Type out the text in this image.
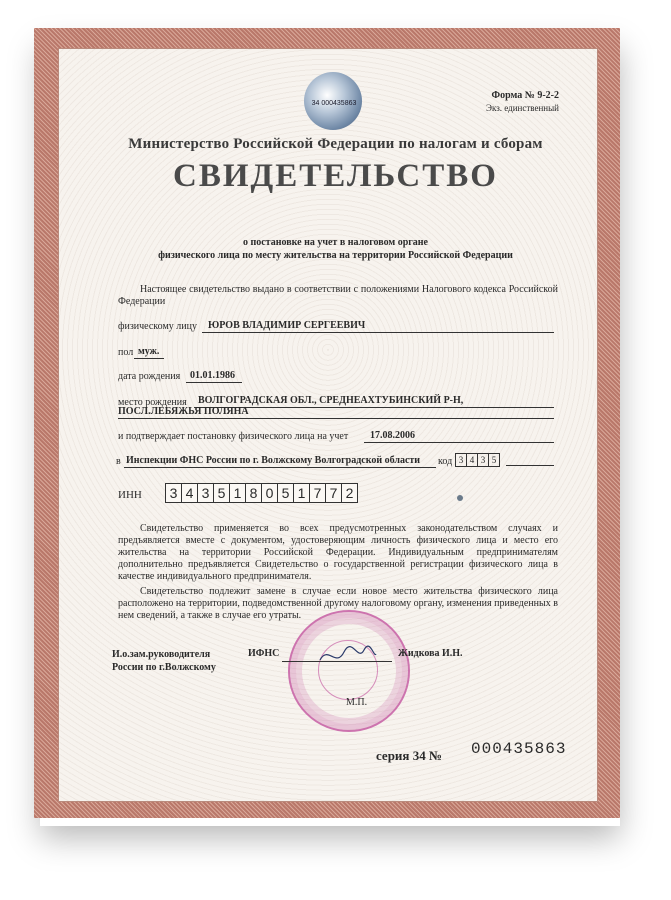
34 000435863
Форма № 9-2-2
Экз. единственный
Министерство Российской Федерации по налогам и сборам
СВИДЕТЕЛЬСТВО
о постановке на учет в налоговом органе
физического лица по месту жительства на территории Российской Федерации
Настоящее свидетельство выдано в соответствии с положениями Налогового кодекса Российской Федерации
физическому лицу ЮРОВ ВЛАДИМИР СЕРГЕЕВИЧ
пол муж.
дата рождения 01.01.1986
место рождения ВОЛГОГРАДСКАЯ ОБЛ., СРЕДНЕАХТУБИНСКИЙ Р-Н,
ПОСЛ.ЛЕБЯЖЬЯ ПОЛЯНА
и подтверждает постановку физического лица на учет 17.08.2006
в Инспекции ФНС России по г. Волжскому Волгоградской области код 3 4 3 5
ИНН	3 4 3 5 1 8 0 5 1 7 7 2
Свидетельство применяется во всех предусмотренных законодательством случаях и предъявляется вместе с документом, удостоверяющим личность физического лица и место его жительства на территории Российской Федерации. Индивидуальным предпринимателям дополнительно предъявляется Свидетельство о государственной регистрации физического лица в качестве индивидуального предпринимателя.
Свидетельство подлежит замене в случае если новое место жительства физического лица расположено на территории, подведомственной другому налоговому органу, изменения приведенных в нем сведений, а также в случае его утраты.
И.о.зам.руководителя
России по г.Волжскому
ИФНС	Жидкова И.Н.
М.П.
серия 34 № 000435863
